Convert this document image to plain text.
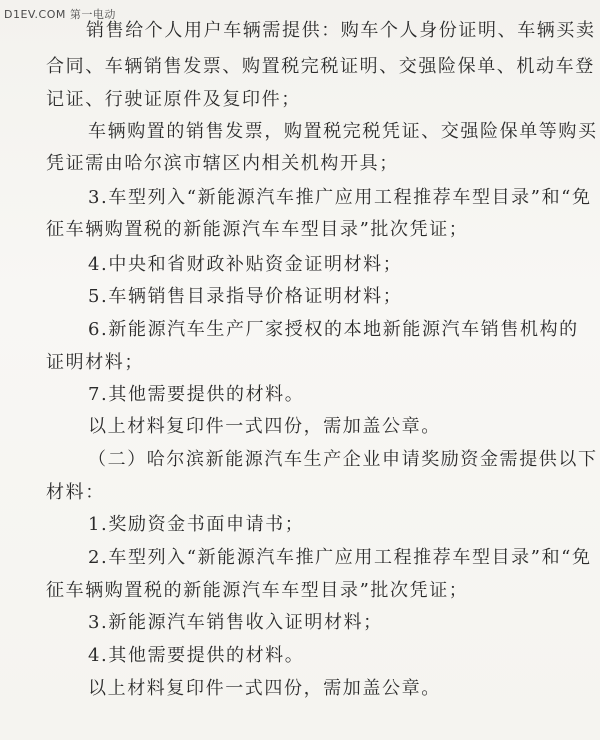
D1EV.COM 第一电动
销售给个人用户车辆需提供：购车个人身份证明、车辆买卖
合同、车辆销售发票、购置税完税证明、交强险保单、机动车登
记证、行驶证原件及复印件；
车辆购置的销售发票，购置税完税凭证、交强险保单等购买
凭证需由哈尔滨市辖区内相关机构开具；
3.车型列入“新能源汽车推广应用工程推荐车型目录”和“免
征车辆购置税的新能源汽车车型目录”批次凭证；
4.中央和省财政补贴资金证明材料；
5.车辆销售目录指导价格证明材料；
6.新能源汽车生产厂家授权的本地新能源汽车销售机构的
证明材料；
7.其他需要提供的材料。
以上材料复印件一式四份，需加盖公章。
（二）哈尔滨新能源汽车生产企业申请奖励资金需提供以下
材料：
1.奖励资金书面申请书；
2.车型列入“新能源汽车推广应用工程推荐车型目录”和“免
征车辆购置税的新能源汽车车型目录”批次凭证；
3.新能源汽车销售收入证明材料；
4.其他需要提供的材料。
以上材料复印件一式四份，需加盖公章。
